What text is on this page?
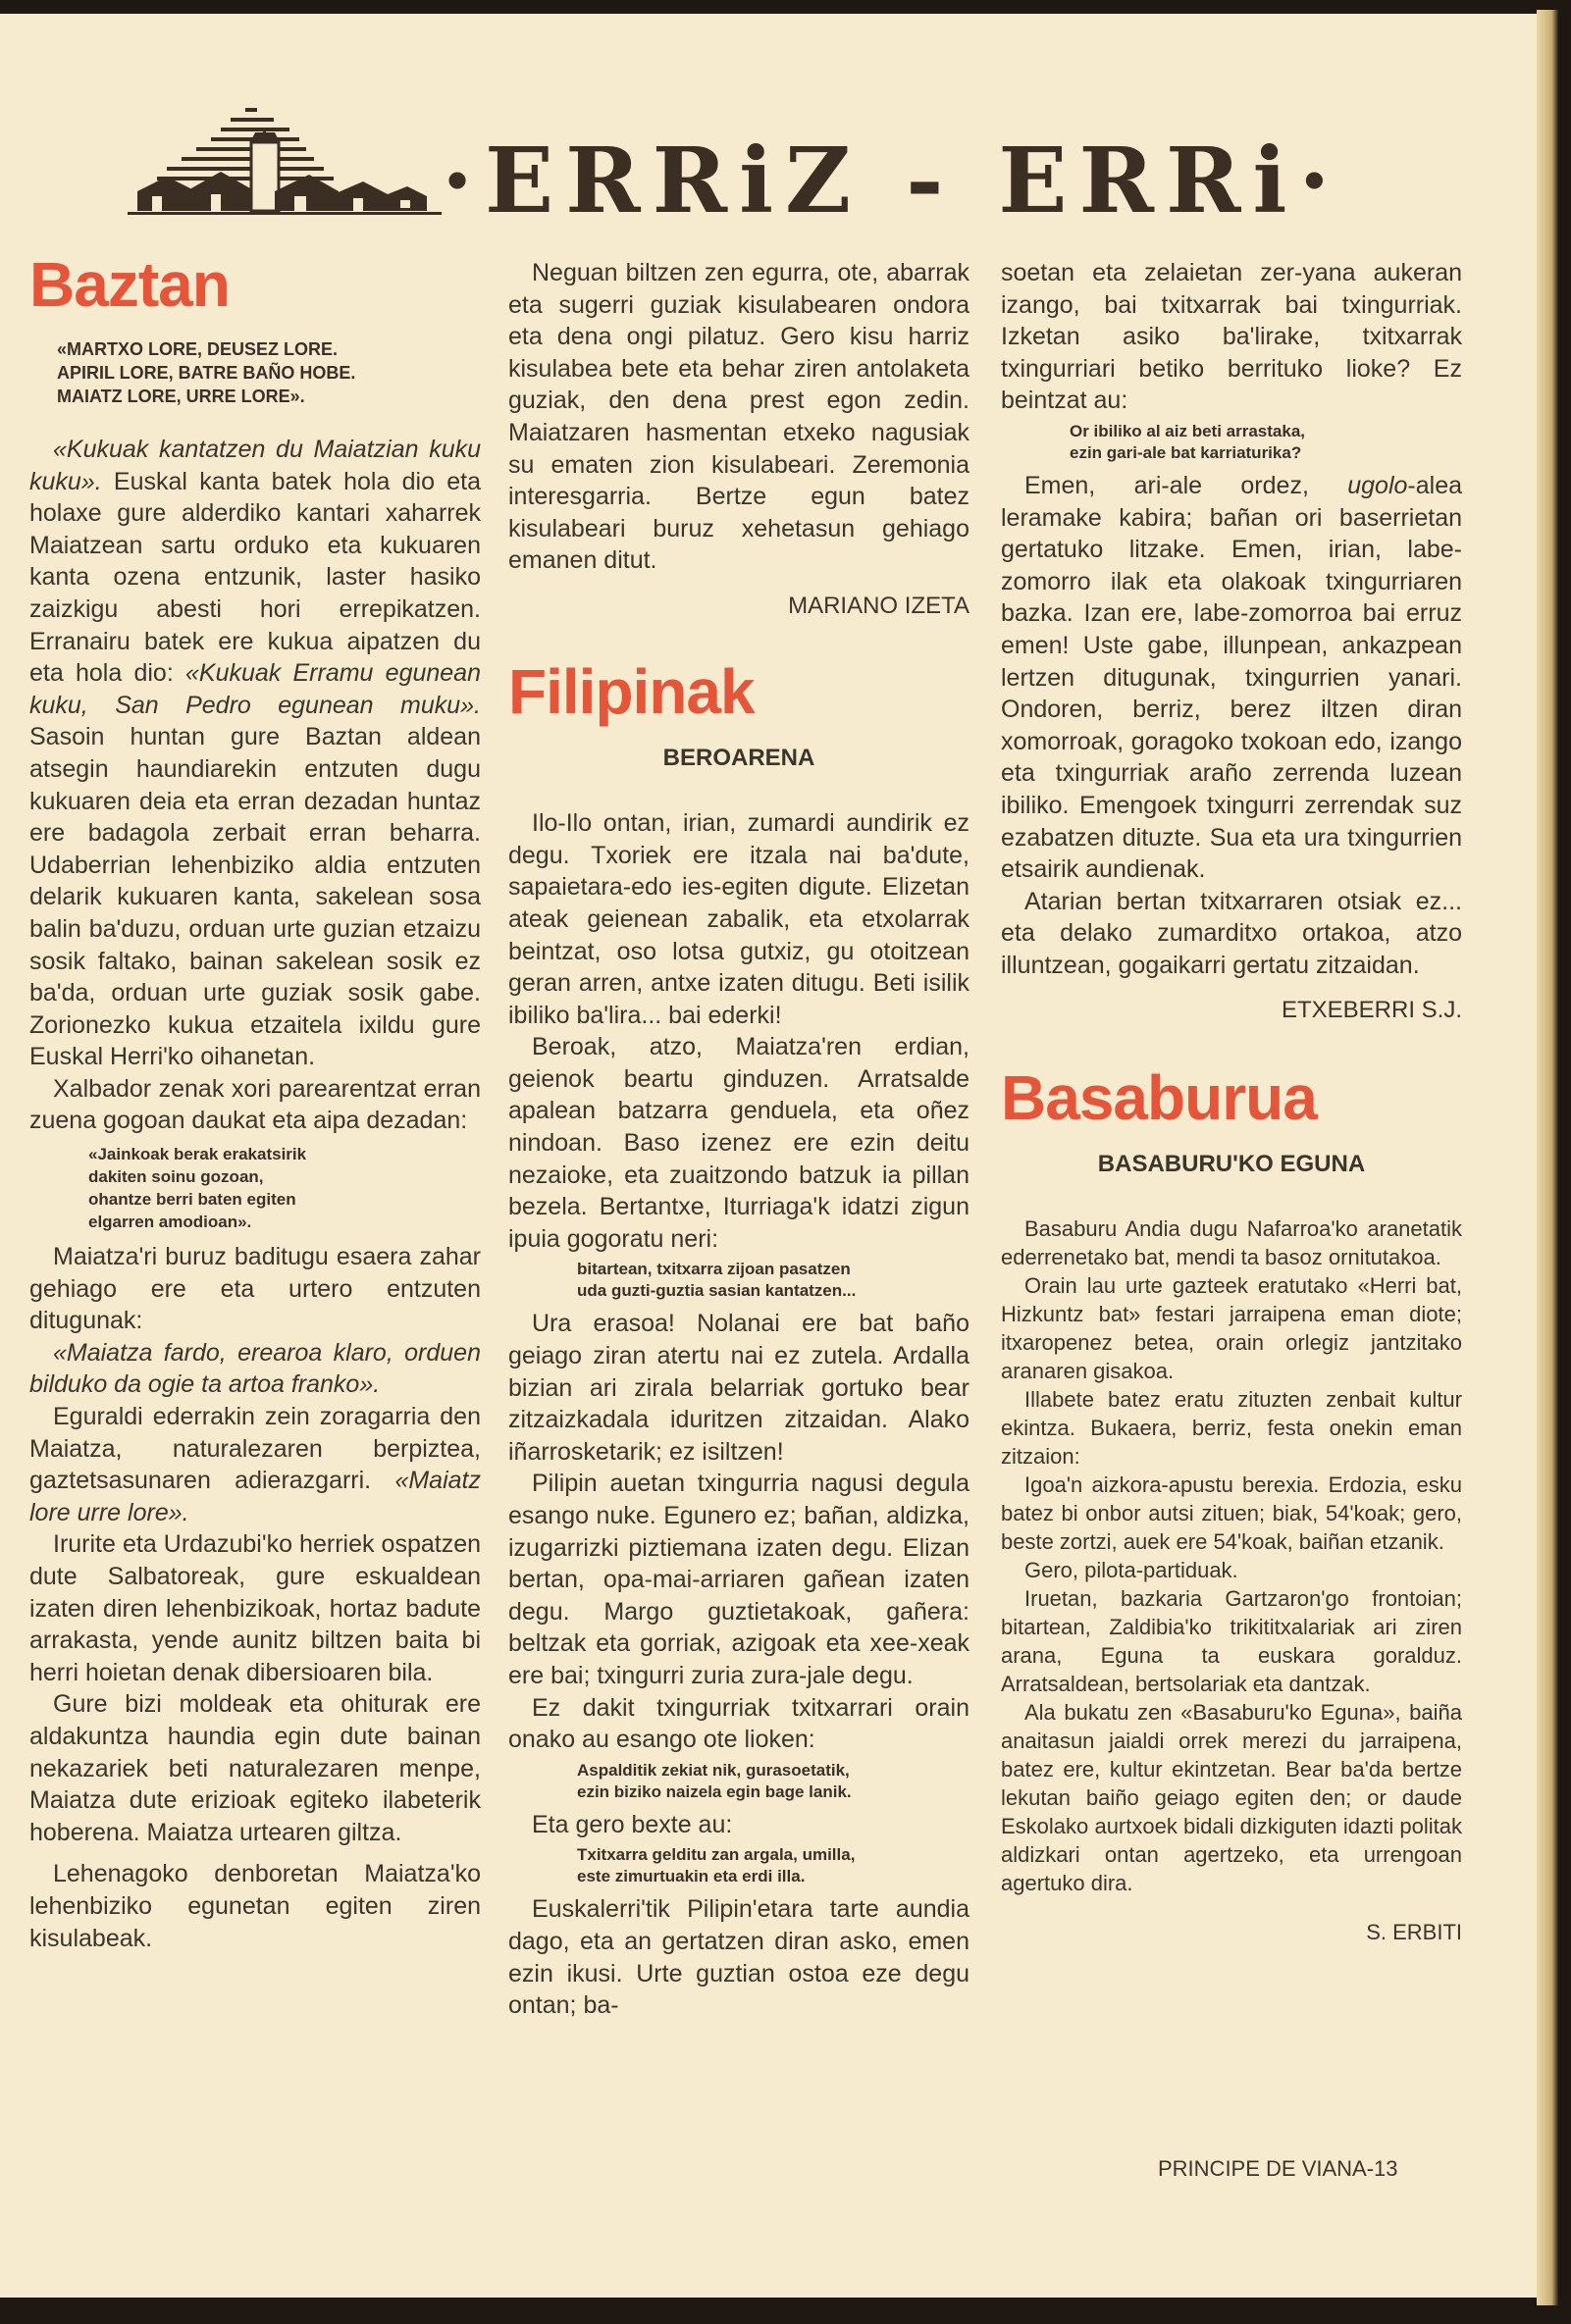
·ERRiZ - ERRi·
Baztan
«MARTXO LORE, DEUSEZ LORE.
APIRIL LORE, BATRE BAÑO HOBE.
MAIATZ LORE, URRE LORE».

«Kukuak kantatzen du Maiatzian kuku kuku». Euskal kanta batek hola dio eta holaxe gure alderdiko kantari xaharrek Maiatzean sartu orduko eta kukuaren kanta ozena entzunik, laster hasiko zaizkigu abesti hori errepikatzen. Erranairu batek ere kukua aipatzen du eta hola dio: «Kukuak Erramu egunean kuku, San Pedro egunean muku». Sasoin huntan gure Baztan aldean atsegin haundiarekin entzuten dugu kukuaren deia eta erran dezadan huntaz ere badagola zerbait erran beharra. Udaberrian lehenbiziko aldia entzuten delarik kukuaren kanta, sakelean sosa balin ba'duzu, orduan urte guzian etzaizu sosik faltako, bainan sakelean sosik ez ba'da, orduan urte guziak sosik gabe. Zorionezko kukua etzaitela ixildu gure Euskal Herri'ko oihanetan.

Xalbador zenak xori parearentzat erran zuena gogoan daukat eta aipa dezadan:

«Jainkoak berak erakatsirik
dakiten soinu gozoan,
ohantze berri baten egiten
elgarren amodioan».

Maiatza'ri buruz baditugu esaera zahar gehiago ere eta urtero entzuten ditugunak:

«Maiatza fardo, erearoa klaro, orduen bilduko da ogie ta artoa franko».

Eguraldi ederrakin zein zoragarria den Maiatza, naturalezaren berpiztea, gaztetsasunaren adierazgarri. «Maiatz lore urre lore».

Irurite eta Urdazubi'ko herriek ospatzen dute Salbatoreak, gure eskualdean izaten diren lehenbizikoak, hortaz badute arrakasta, yende aunitz biltzen baita bi herri hoietan denak dibersioaren bila.

Gure bizi moldeak eta ohiturak ere aldakuntza haundia egin dute bainan nekazariek beti naturalezaren menpe, Maiatza dute erizioak egiteko ilabeterik hoberena. Maiatza urtearen giltza.

Lehenagoko denboretan Maiatza'ko lehenbiziko egunetan egiten ziren kisulabeak.

Neguan biltzen zen egurra, ote, abarrak eta sugerri guziak kisulabearen ondora eta dena ongi pilatuz. Gero kisu harriz kisulabea bete eta behar ziren antolaketa guziak, den dena prest egon zedin. Maiatzaren hasmentan etxeko nagusiak su ematen zion kisulabeari. Zeremonia interesgarria. Bertze egun batez kisulabeari buruz xehetasun gehiago emanen ditut.

MARIANO IZETA
Filipinak
BEROARENA

Ilo-Ilo ontan, irian, zumardi aundirik ez degu. Txoriek ere itzala nai ba'dute, sapaietara-edo ies-egiten digute. Elizetan ateak geienean zabalik, eta etxolarrak beintzat, oso lotsa gutxiz, gu otoitzean geran arren, antxe izaten ditugu. Beti isilik ibiliko ba'lira... bai ederki!

Beroak, atzo, Maiatza'ren erdian, geienok beartu ginduzen. Arratsalde apalean batzarra genduela, eta oñez nindoan. Baso izenez ere ezin deitu nezaioke, eta zuaitzondo batzuk ia pillan bezela. Bertantxe, Iturriaga'k idatzi zigun ipuia gogoratu neri:

bitartean, txitxarra zijoan pasatzen
uda guzti-guztia sasian kantatzen...

Ura erasoa! Nolanai ere bat baño geiago ziran atertu nai ez zutela. Ardalla bizian ari zirala belarriak gortuko bear zitzaizkadala iduritzen zitzaidan. Alako iñarrosketarik; ez isiltzen!

Pilipin auetan txingurria nagusi degula esango nuke. Egunero ez; bañan, aldizka, izugarrizki piztiemana izaten degu. Elizan bertan, opa-mai-arriaren gañean izaten degu. Margo guztietakoak, gañera: beltzak eta gorriak, azigoak eta xee-xeak ere bai; txingurri zuria zura-jale degu.

Ez dakit txingurriak txitxarrari orain onako au esango ote lioken:

Aspalditik zekiat nik, gurasoetatik,
ezin biziko naizela egin bage lanik.

Eta gero bexte au:

Txitxarra gelditu zan argala, umilla,
este zimurtuakin eta erdi illa.

Euskalerri'tik Pilipin'etara tarte aundia dago, eta an gertatzen diran asko, emen ezin ikusi. Urte guztian ostoa eze degu ontan; ba-

soetan eta zelaietan zer-yana aukeran izango, bai txitxarrak bai txingurriak. Izketan asiko ba'lirake, txitxarrak txingurriari betiko berrituko lioke? Ez beintzat au:

Or ibiliko al aiz beti arrastaka,
ezin gari-ale bat karriaturika?

Emen, ari-ale ordez, ugolo-alea leramake kabira; bañan ori baserrietan gertatuko litzake. Emen, irian, labe-zomorro ilak eta olakoak txingurriaren bazka. Izan ere, labe-zomorroa bai erruz emen! Uste gabe, illunpean, ankazpean lertzen ditugunak, txingurrien yanari. Ondoren, berriz, berez iltzen diran xomorroak, goragoko txokoan edo, izango eta txingurriak araño zerrenda luzean ibiliko. Emengoek txingurri zerrendak suz ezabatzen dituzte. Sua eta ura txingurrien etsairik aundienak.

Atarian bertan txitxarraren otsiak ez... eta delako zumarditxo ortakoa, atzo illuntzean, gogaikarri gertatu zitzaidan.

ETXEBERRI S.J.
Basaburua
BASABURU'KO EGUNA

Basaburu Andia dugu Nafarroa'ko aranetatik ederrenetako bat, mendi ta basoz ornitutakoa.

Orain lau urte gazteek eratutako «Herri bat, Hizkuntz bat» festari jarraipena eman diote; itxaropenez betea, orain orlegiz jantzitako aranaren gisakoa.

Illabete batez eratu zituzten zenbait kultur ekintza. Bukaera, berriz, festa onekin eman zitzaion:

Igoa'n aizkora-apustu berexia. Erdozia, esku batez bi onbor autsi zituen; biak, 54'koak; gero, beste zortzi, auek ere 54'koak, baiñan etzanik.

Gero, pilota-partiduak.

Iruetan, bazkaria Gartzaron'go frontoian; bitartean, Zaldibia'ko trikititxalariak ari ziren arana, Eguna ta euskara goralduz. Arratsaldean, bertsolariak eta dantzak.

Ala bukatu zen «Basaburu'ko Eguna», baiña anaitasun jaialdi orrek merezi du jarraipena, batez ere, kultur ekintzetan. Bear ba'da bertze lekutan baiño geiago egiten den; or daude Eskolako aurtxoek bidali dizkiguten idazti politak aldizkari ontan agertzeko, eta urrengoan agertuko dira.

S. ERBITI
PRINCIPE DE VIANA-13
